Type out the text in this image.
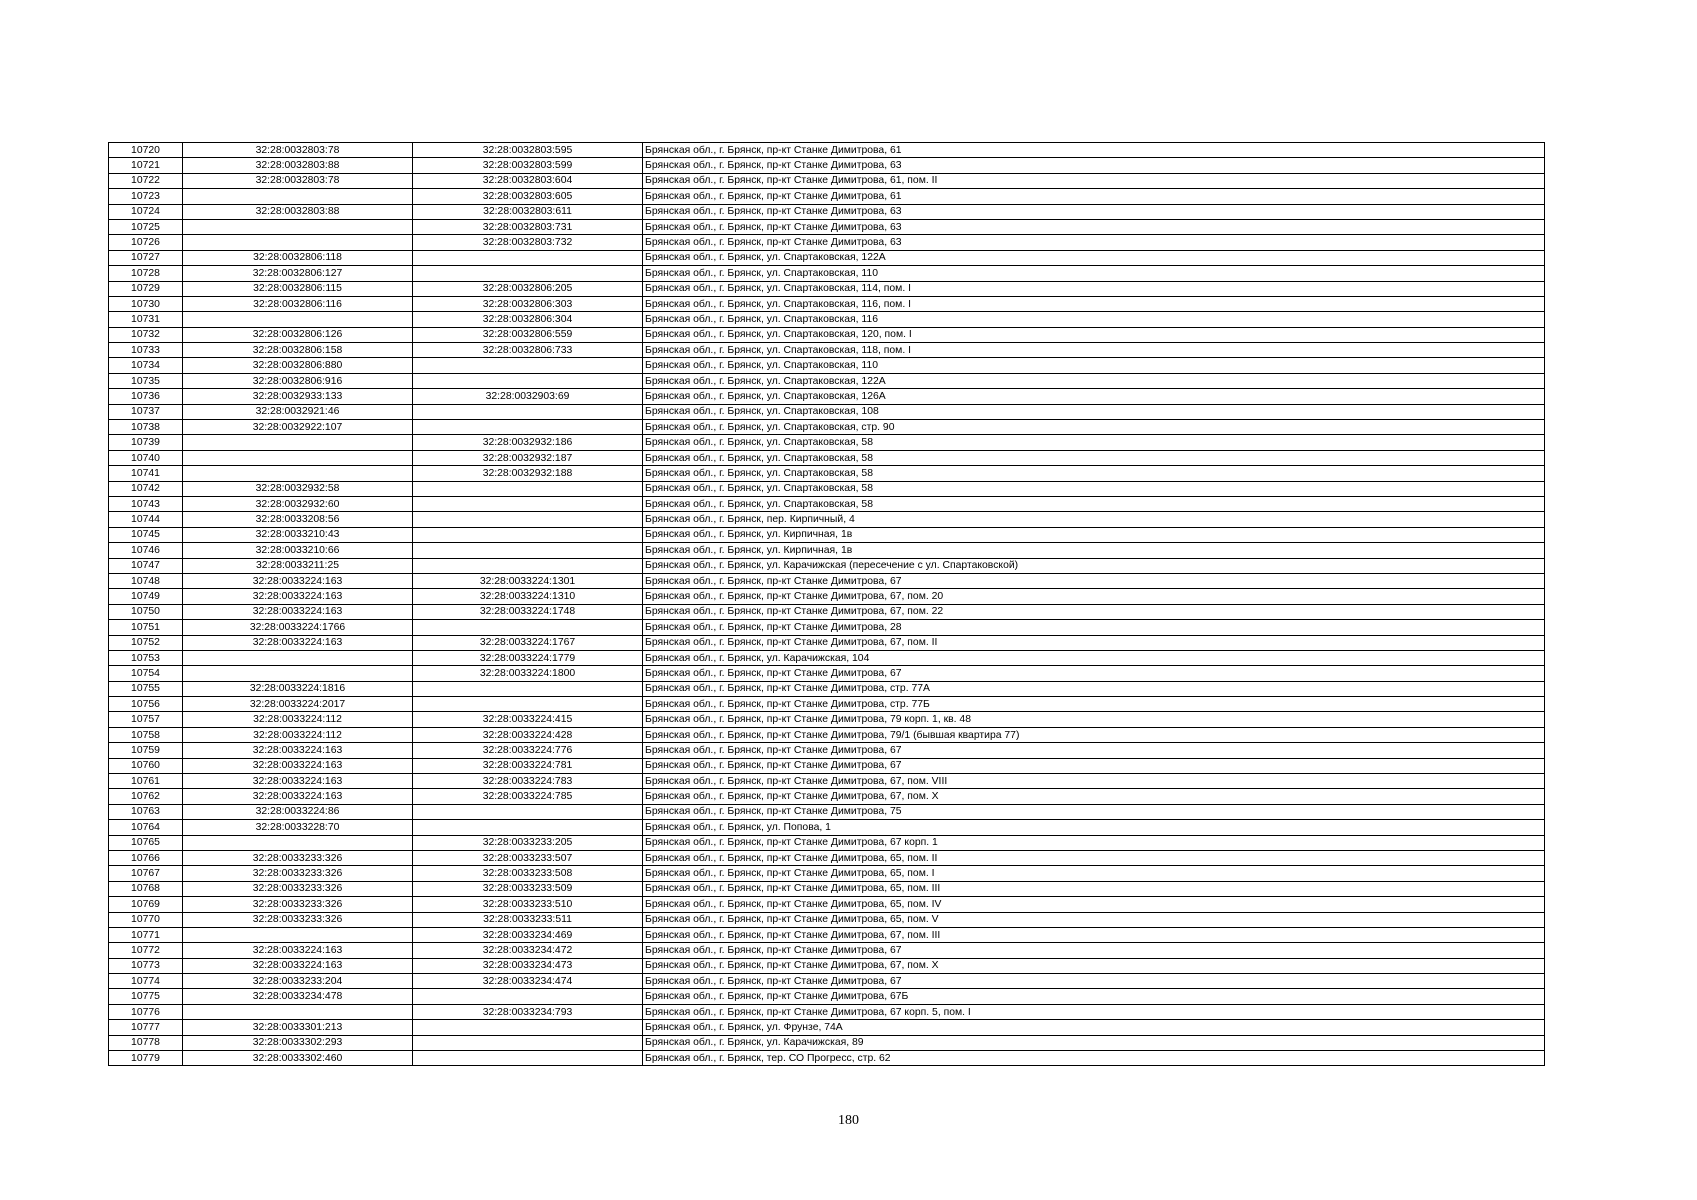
10720	32:28:0032803:78	32:28:0032803:595	Брянская обл., г. Брянск, пр-кт Станке Димитрова, 61
10721	32:28:0032803:88	32:28:0032803:599	Брянская обл., г. Брянск, пр-кт Станке Димитрова, 63
10722	32:28:0032803:78	32:28:0032803:604	Брянская обл., г. Брянск, пр-кт Станке Димитрова, 61, пом. II
10723		32:28:0032803:605	Брянская обл., г. Брянск, пр-кт Станке Димитрова, 61
10724	32:28:0032803:88	32:28:0032803:611	Брянская обл., г. Брянск, пр-кт Станке Димитрова, 63
10725		32:28:0032803:731	Брянская обл., г. Брянск, пр-кт Станке Димитрова, 63
10726		32:28:0032803:732	Брянская обл., г. Брянск, пр-кт Станке Димитрова, 63
10727	32:28:0032806:118		Брянская обл., г. Брянск, ул. Спартаковская, 122А
10728	32:28:0032806:127		Брянская обл., г. Брянск, ул. Спартаковская, 110
10729	32:28:0032806:115	32:28:0032806:205	Брянская обл., г. Брянск, ул. Спартаковская, 114, пом. I
10730	32:28:0032806:116	32:28:0032806:303	Брянская обл., г. Брянск, ул. Спартаковская, 116, пом. I
10731		32:28:0032806:304	Брянская обл., г. Брянск, ул. Спартаковская, 116
10732	32:28:0032806:126	32:28:0032806:559	Брянская обл., г. Брянск, ул. Спартаковская, 120, пом. I
10733	32:28:0032806:158	32:28:0032806:733	Брянская обл., г. Брянск, ул. Спартаковская, 118, пом. I
10734	32:28:0032806:880		Брянская обл., г. Брянск, ул. Спартаковская, 110
10735	32:28:0032806:916		Брянская обл., г. Брянск, ул. Спартаковская, 122А
10736	32:28:0032933:133	32:28:0032903:69	Брянская обл., г. Брянск, ул. Спартаковская, 126А
10737	32:28:0032921:46		Брянская обл., г. Брянск, ул. Спартаковская, 108
10738	32:28:0032922:107		Брянская обл., г. Брянск, ул. Спартаковская, стр. 90
10739		32:28:0032932:186	Брянская обл., г. Брянск, ул. Спартаковская, 58
10740		32:28:0032932:187	Брянская обл., г. Брянск, ул. Спартаковская, 58
10741		32:28:0032932:188	Брянская обл., г. Брянск, ул. Спартаковская, 58
10742	32:28:0032932:58		Брянская обл., г. Брянск, ул. Спартаковская, 58
10743	32:28:0032932:60		Брянская обл., г. Брянск, ул. Спартаковская, 58
10744	32:28:0033208:56		Брянская обл., г. Брянск, пер. Кирпичный, 4
10745	32:28:0033210:43		Брянская обл., г. Брянск, ул. Кирпичная, 1в
10746	32:28:0033210:66		Брянская обл., г. Брянск, ул. Кирпичная, 1в
10747	32:28:0033211:25		Брянская обл., г. Брянск, ул. Карачижская (пересечение с ул. Спартаковской)
10748	32:28:0033224:163	32:28:0033224:1301	Брянская обл., г. Брянск, пр-кт Станке Димитрова, 67
10749	32:28:0033224:163	32:28:0033224:1310	Брянская обл., г. Брянск, пр-кт Станке Димитрова, 67, пом. 20
10750	32:28:0033224:163	32:28:0033224:1748	Брянская обл., г. Брянск, пр-кт Станке Димитрова, 67, пом. 22
10751	32:28:0033224:1766		Брянская обл., г. Брянск, пр-кт Станке Димитрова, 28
10752	32:28:0033224:163	32:28:0033224:1767	Брянская обл., г. Брянск, пр-кт Станке Димитрова, 67, пом. II
10753		32:28:0033224:1779	Брянская обл., г. Брянск, ул. Карачижская, 104
10754		32:28:0033224:1800	Брянская обл., г. Брянск, пр-кт Станке Димитрова, 67
10755	32:28:0033224:1816		Брянская обл., г. Брянск, пр-кт Станке Димитрова, стр. 77А
10756	32:28:0033224:2017		Брянская обл., г. Брянск, пр-кт Станке Димитрова, стр. 77Б
10757	32:28:0033224:112	32:28:0033224:415	Брянская обл., г. Брянск, пр-кт Станке Димитрова, 79 корп. 1, кв. 48
10758	32:28:0033224:112	32:28:0033224:428	Брянская обл., г. Брянск, пр-кт Станке Димитрова, 79/1 (бывшая квартира 77)
10759	32:28:0033224:163	32:28:0033224:776	Брянская обл., г. Брянск, пр-кт Станке Димитрова, 67
10760	32:28:0033224:163	32:28:0033224:781	Брянская обл., г. Брянск, пр-кт Станке Димитрова, 67
10761	32:28:0033224:163	32:28:0033224:783	Брянская обл., г. Брянск, пр-кт Станке Димитрова, 67, пом. VIII
10762	32:28:0033224:163	32:28:0033224:785	Брянская обл., г. Брянск, пр-кт Станке Димитрова, 67, пом. X
10763	32:28:0033224:86		Брянская обл., г. Брянск, пр-кт Станке Димитрова, 75
10764	32:28:0033228:70		Брянская обл., г. Брянск, ул. Попова, 1
10765		32:28:0033233:205	Брянская обл., г. Брянск, пр-кт Станке Димитрова, 67 корп. 1
10766	32:28:0033233:326	32:28:0033233:507	Брянская обл., г. Брянск, пр-кт Станке Димитрова, 65, пом. II
10767	32:28:0033233:326	32:28:0033233:508	Брянская обл., г. Брянск, пр-кт Станке Димитрова, 65, пом. I
10768	32:28:0033233:326	32:28:0033233:509	Брянская обл., г. Брянск, пр-кт Станке Димитрова, 65, пом. III
10769	32:28:0033233:326	32:28:0033233:510	Брянская обл., г. Брянск, пр-кт Станке Димитрова, 65, пом. IV
10770	32:28:0033233:326	32:28:0033233:511	Брянская обл., г. Брянск, пр-кт Станке Димитрова, 65, пом. V
10771		32:28:0033234:469	Брянская обл., г. Брянск, пр-кт Станке Димитрова, 67, пом. III
10772	32:28:0033224:163	32:28:0033234:472	Брянская обл., г. Брянск, пр-кт Станке Димитрова, 67
10773	32:28:0033224:163	32:28:0033234:473	Брянская обл., г. Брянск, пр-кт Станке Димитрова, 67, пом. X
10774	32:28:0033233:204	32:28:0033234:474	Брянская обл., г. Брянск, пр-кт Станке Димитрова, 67
10775	32:28:0033234:478		Брянская обл., г. Брянск, пр-кт Станке Димитрова, 67Б
10776		32:28:0033234:793	Брянская обл., г. Брянск, пр-кт Станке Димитрова, 67 корп. 5, пом. I
10777	32:28:0033301:213		Брянская обл., г. Брянск, ул. Фрунзе, 74А
10778	32:28:0033302:293		Брянская обл., г. Брянск, ул. Карачижская, 89
10779	32:28:0033302:460		Брянская обл., г. Брянск, тер. СО Прогресс, стр. 62
180
